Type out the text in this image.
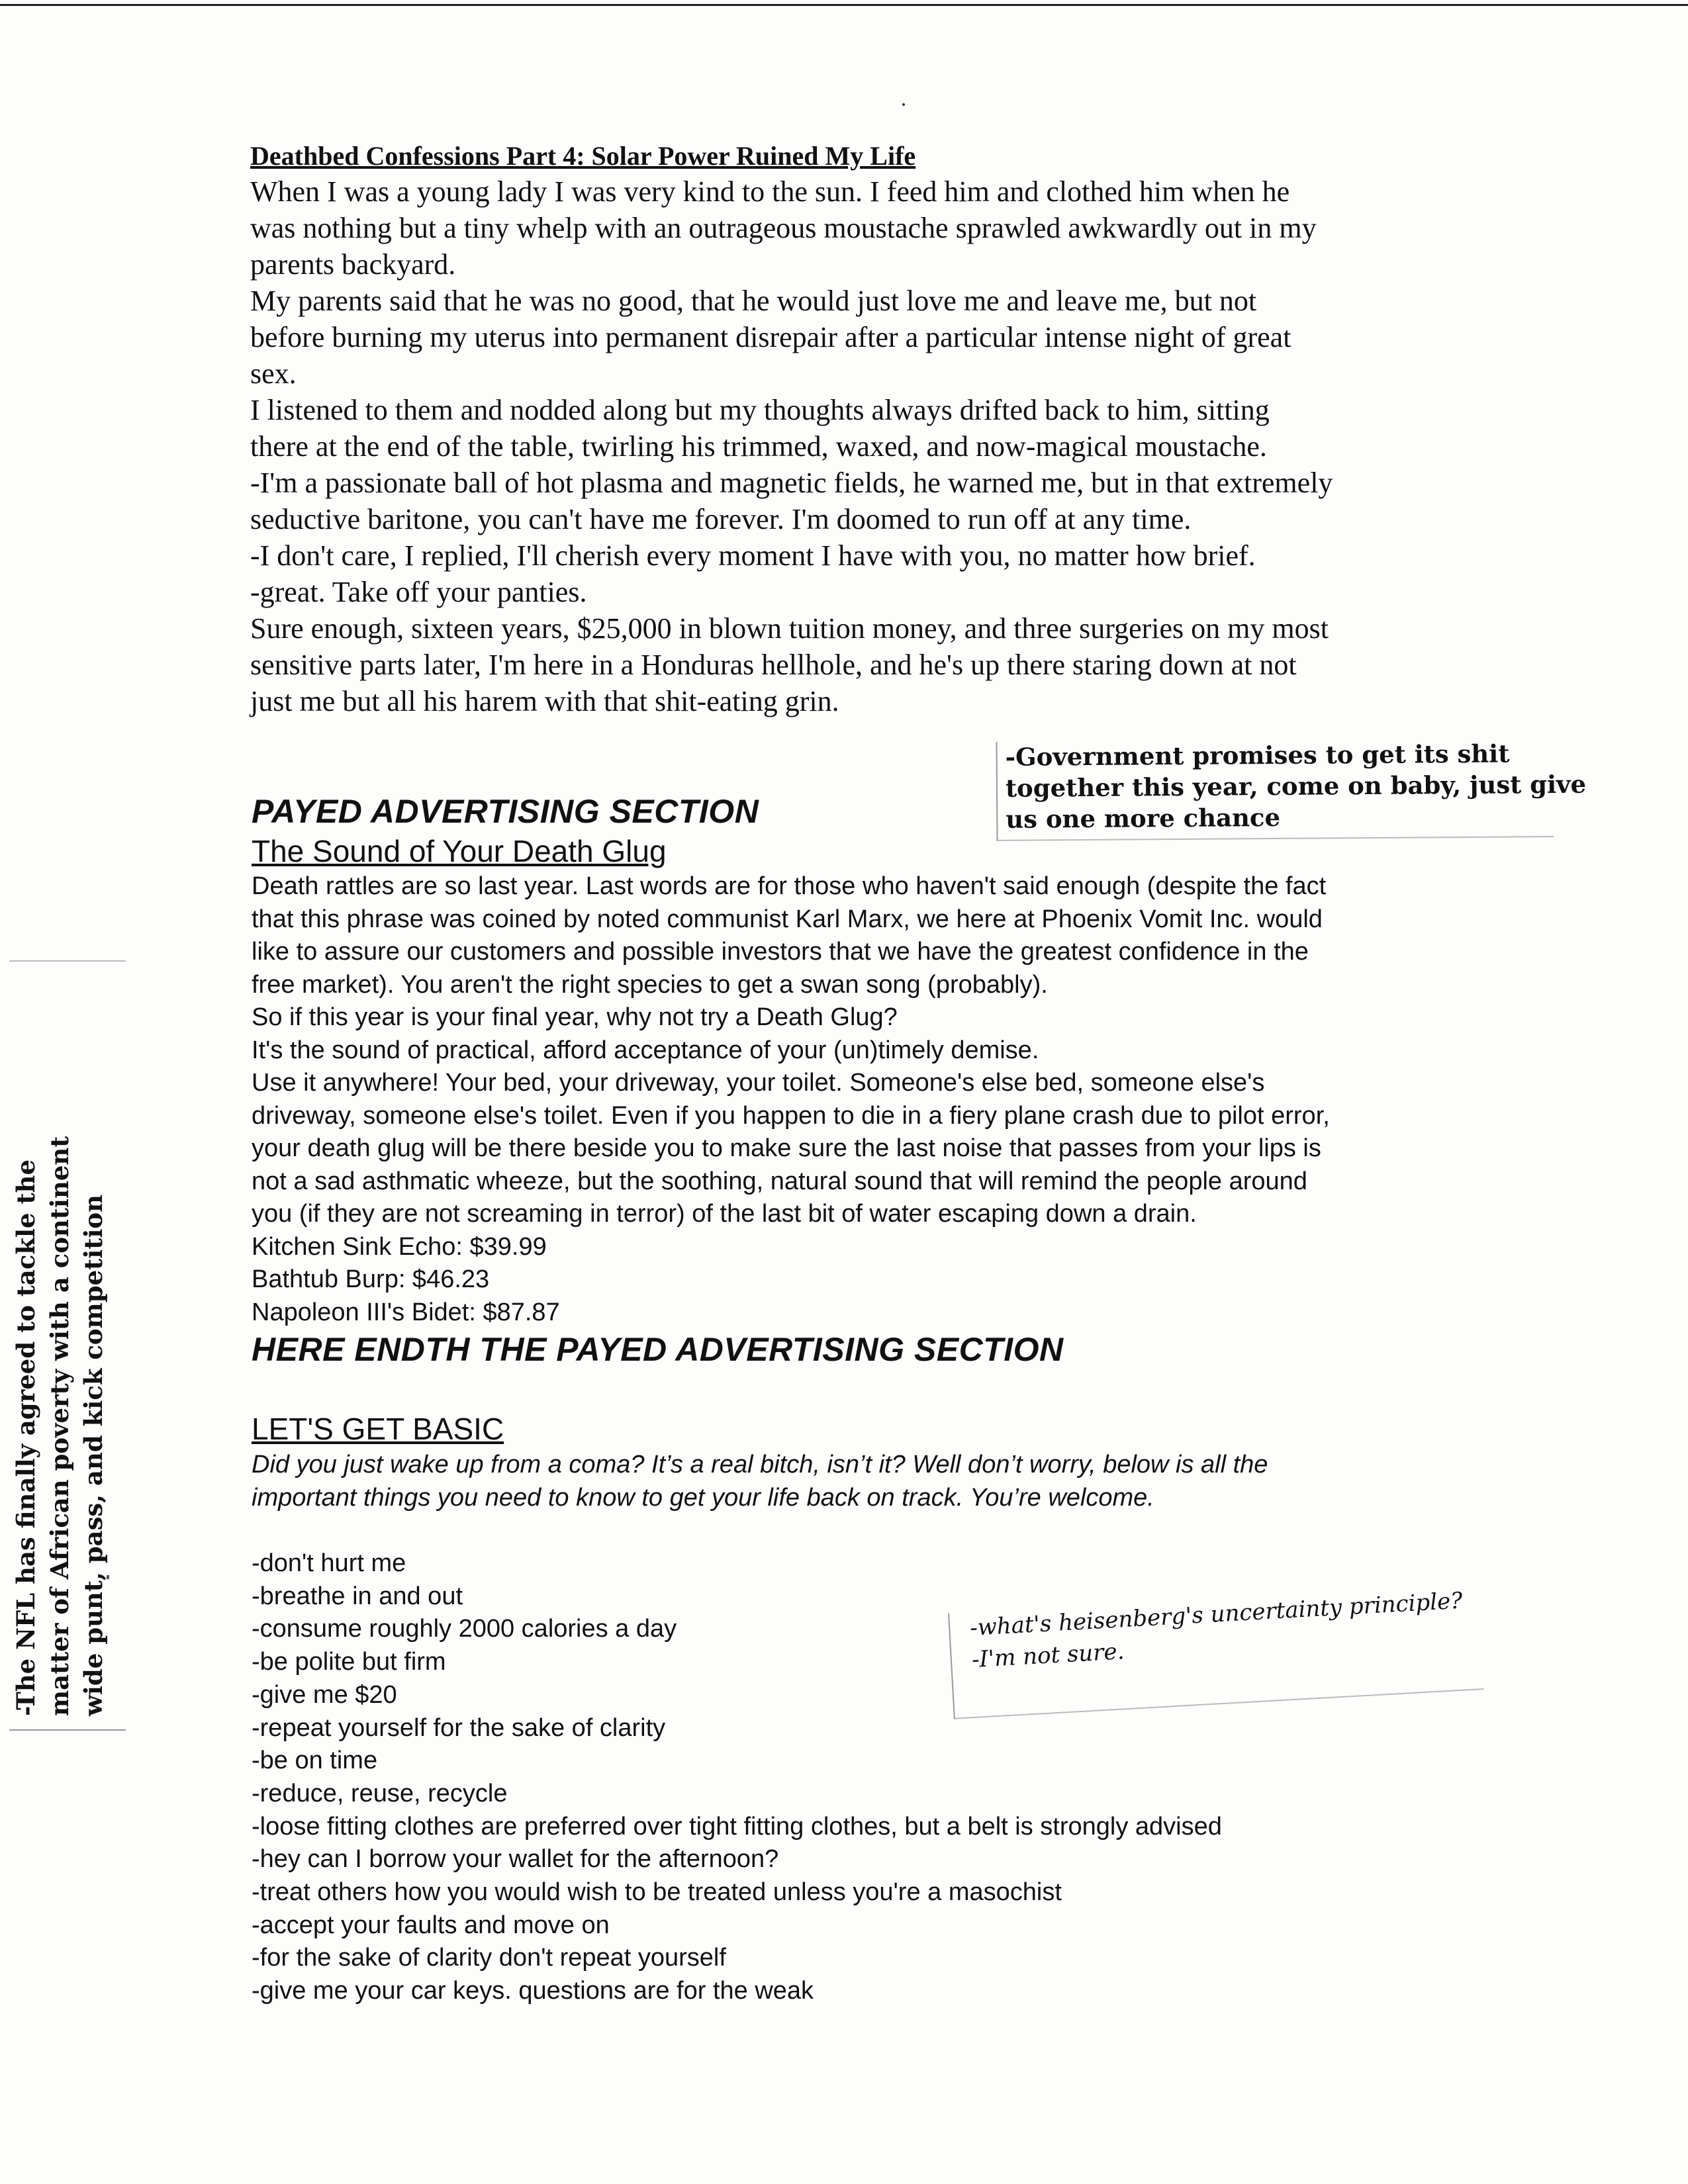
Deathbed Confessions Part 4: Solar Power Ruined My Life

When I was a young lady I was very kind to the sun. I feed him and clothed him when he

was nothing but a tiny whelp with an outrageous moustache sprawled awkwardly out in my

parents backyard.

My parents said that he was no good, that he would just love me and leave me, but not

before burning my uterus into permanent disrepair after a particular intense night of great

sex.

I listened to them and nodded along but my thoughts always drifted back to him, sitting

there at the end of the table, twirling his trimmed, waxed, and now-magical moustache.

-I'm a passionate ball of hot plasma and magnetic fields, he warned me, but in that extremely

seductive baritone, you can't have me forever. I'm doomed to run off at any time.

-I don't care, I replied, I'll cherish every moment I have with you, no matter how brief.

-great. Take off your panties.

Sure enough, sixteen years, $25,000 in blown tuition money, and three surgeries on my most

sensitive parts later, I'm here in a Honduras hellhole, and he's up there staring down at not

just me but all his harem with that shit-eating grin.

PAYED ADVERTISING SECTION

The Sound of Your Death Glug

Death rattles are so last year. Last words are for those who haven't said enough (despite the fact

that this phrase was coined by noted communist Karl Marx, we here at Phoenix Vomit Inc. would

like to assure our customers and possible investors that we have the greatest confidence in the

free market). You aren't the right species to get a swan song (probably).

So if this year is your final year, why not try a Death Glug?

It's the sound of practical, afford acceptance of your (un)timely demise.

Use it anywhere! Your bed, your driveway, your toilet. Someone's else bed, someone else's

driveway, someone else's toilet. Even if you happen to die in a fiery plane crash due to pilot error,

your death glug will be there beside you to make sure the last noise that passes from your lips is

not a sad asthmatic wheeze, but the soothing, natural sound that will remind the people around

you (if they are not screaming in terror) of the last bit of water escaping down a drain.

Kitchen Sink Echo: $39.99

Bathtub Burp: $46.23

Napoleon III's Bidet: $87.87

HERE ENDTH THE PAYED ADVERTISING SECTION

LET'S GET BASIC

Did you just wake up from a coma? It’s a real bitch, isn’t it? Well don’t worry, below is all the

important things you need to know to get your life back on track. You’re welcome.

-don't hurt me

-breathe in and out

-consume roughly 2000 calories a day

-be polite but firm

-give me $20

-repeat yourself for the sake of clarity

-be on time

-reduce, reuse, recycle

-loose fitting clothes are preferred over tight fitting clothes, but a belt is strongly advised

-hey can I borrow your wallet for the afternoon?

-treat others how you would wish to be treated unless you're a masochist

-accept your faults and move on

-for the sake of clarity don't repeat yourself

-give me your car keys. questions are for the weak

-Government promises to get its shit

together this year, come on baby, just give

us one more chance

-what's heisenberg's uncertainty principle?

-I'm not sure.

-The NFL has finally agreed to tackle the matter of African poverty with a continent wide punt, pass, and kick competition
